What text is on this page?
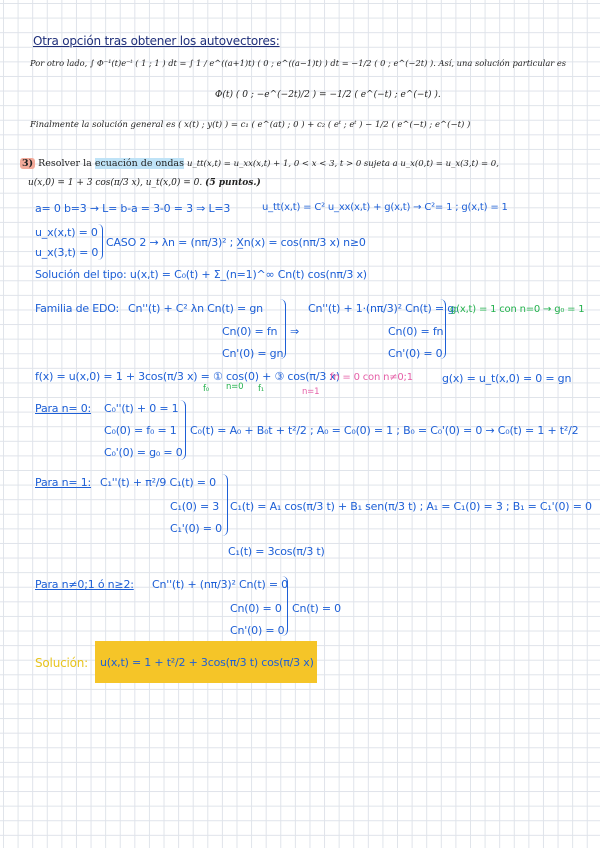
Otra opción tras obtener los autovectores:
Por otro lado, ∫ Φ⁻¹(t)e⁻ᵗ ( 1 ; 1 ) dt = ∫ 1 / e^((a+1)t) ( 0 ; e^((a−1)t) ) dt = −1/2 ( 0 ; e^(−2t) ). Así, una solución particular es
Φ(t) ( 0 ; −e^(−2t)/2 ) = −1/2 ( e^(−t) ; e^(−t) ).
Finalmente la solución general es ( x(t) ; y(t) ) = c₁ ( e^(at) ; 0 ) + c₂ ( eᵗ ; eᵗ ) − 1/2 ( e^(−t) ; e^(−t) )
3) Resolver la ecuación de ondas u_tt(x,t) = u_xx(x,t) + 1, 0 < x < 3, t > 0 sujeta a u_x(0,t) = u_x(3,t) = 0,
u(x,0) = 1 + 3 cos(π/3 x), u_t(x,0) = 0. (5 puntos.)
a= 0 b=3 → L= b-a = 3-0 = 3 ⇒ L=3	u_tt(x,t) = C² u_xx(x,t) + g(x,t) → C²= 1 ; g(x,t) = 1
u_x(x,t) = 0
u_x(3,t) = 0
CASO 2 → λn = (nπ/3)² ; X̲n(x) = cos(nπ/3 x) n≥0
Solución del tipo: u(x,t) = C₀(t) + Σ_(n=1)^∞ Cn(t) cos(nπ/3 x)
Familia de EDO: Cn''(t) + C² λn Cn(t) = gn
Cn(0) = fn
Cn'(0) = gn
⇒
Cn''(t) + 1·(nπ/3)² Cn(t) = g₀
Cn(0) = fn
Cn'(0) = 0
g(x,t) = 1 con n=0 → g₀ = 1
f(x) = u(x,0) = 1 + 3cos(π/3 x) = ① cos(0) + ③ cos(π/3 x)
f₀ n=0 f₁	n=1
fn = 0 con n≠0;1	g(x) = u_t(x,0) = 0 = gn
Para n= 0: C₀''(t) + 0 = 1
C₀(0) = f₀ = 1
C₀'(0) = g₀ = 0
C₀(t) = A₀ + B₀t + t²/2 ; A₀ = C₀(0) = 1 ; B₀ = C₀'(0) = 0 → C₀(t) = 1 + t²/2
Para n= 1: C₁''(t) + π²/9 C₁(t) = 0
C₁(0) = 3
C₁'(0) = 0
C₁(t) = A₁ cos(π/3 t) + B₁ sen(π/3 t) ; A₁ = C₁(0) = 3 ; B₁ = C₁'(0) = 0
C₁(t) = 3cos(π/3 t)
Para n≠0;1 ó n≥2: Cn''(t) + (nπ/3)² Cn(t) = 0
Cn(0) = 0
Cn'(0) = 0
Cn(t) = 0
Solución: u(x,t) = 1 + t²/2 + 3cos(π/3 t) cos(π/3 x)
